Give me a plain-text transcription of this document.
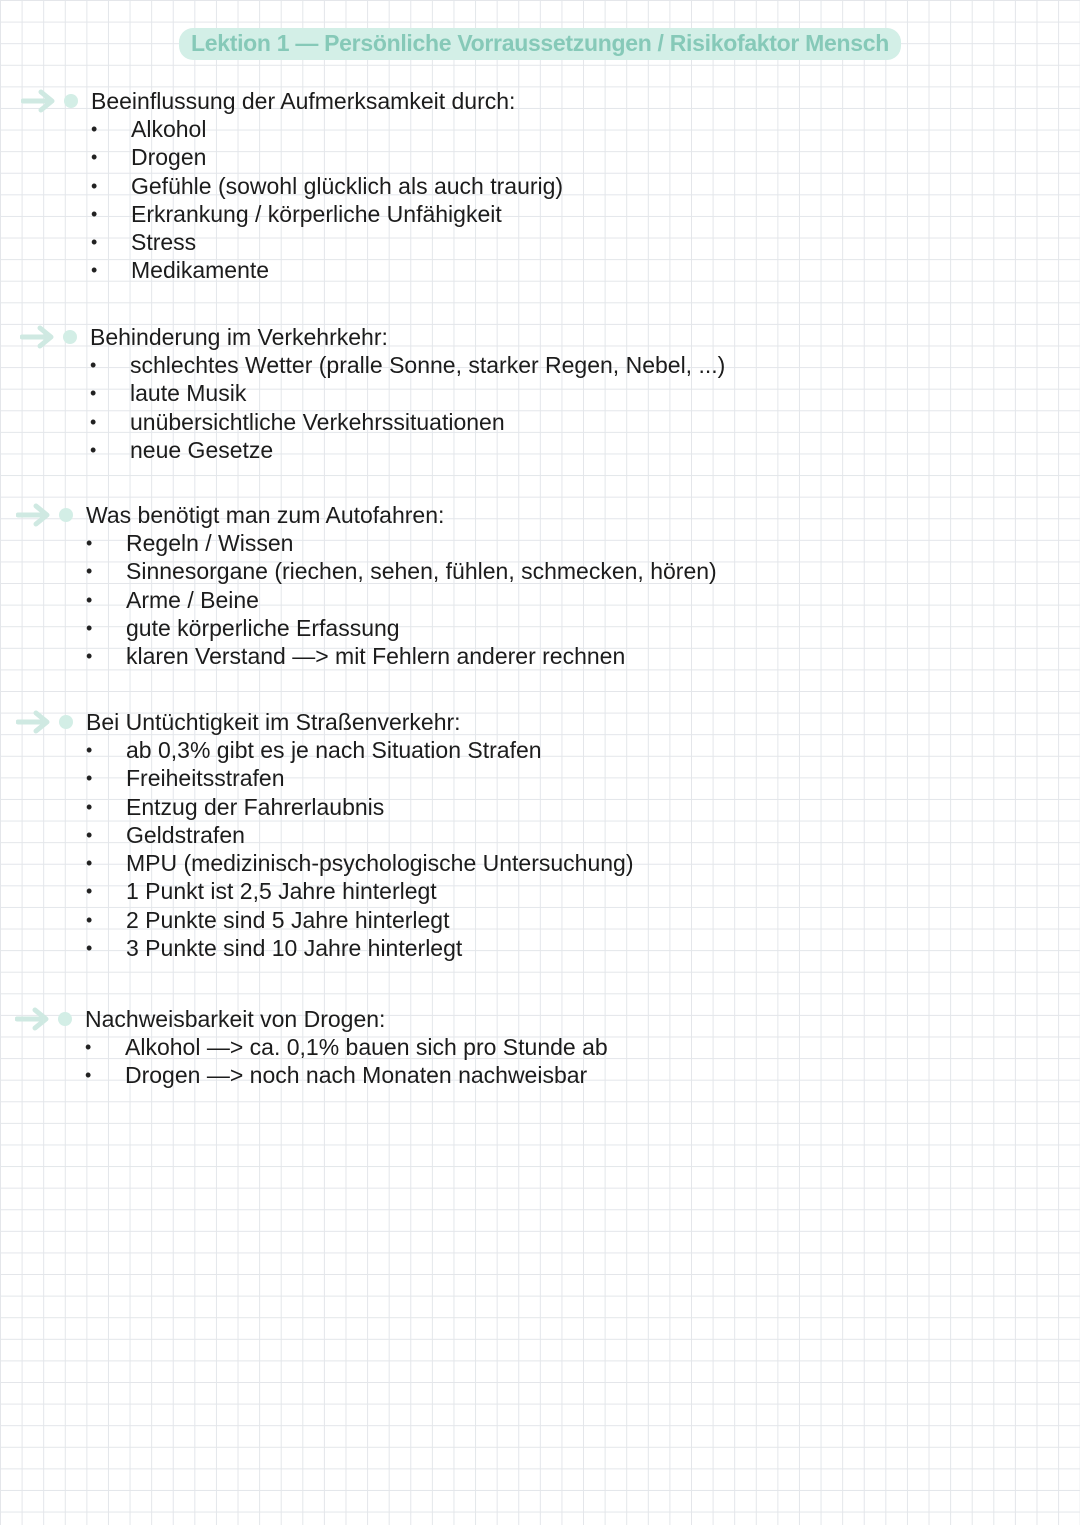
Lektion 1 — Persönliche Vorraussetzungen / Risikofaktor Mensch
Beeinflussung der Aufmerksamkeit durch:
• Alkohol
• Drogen
• Gefühle (sowohl glücklich als auch traurig)
• Erkrankung / körperliche Unfähigkeit
• Stress
• Medikamente
Behinderung im Verkehrkehr:
• schlechtes Wetter (pralle Sonne, starker Regen, Nebel, ...)
• laute Musik
• unübersichtliche Verkehrssituationen
• neue Gesetze
Was benötigt man zum Autofahren:
• Regeln / Wissen
• Sinnesorgane (riechen, sehen, fühlen, schmecken, hören)
• Arme / Beine
• gute körperliche Erfassung
• klaren Verstand —> mit Fehlern anderer rechnen
Bei Untüchtigkeit im Straßenverkehr:
• ab 0,3% gibt es je nach Situation Strafen
• Freiheitsstrafen
• Entzug der Fahrerlaubnis
• Geldstrafen
• MPU (medizinisch-psychologische Untersuchung)
• 1 Punkt ist 2,5 Jahre hinterlegt
• 2 Punkte sind 5 Jahre hinterlegt
• 3 Punkte sind 10 Jahre hinterlegt
Nachweisbarkeit von Drogen:
• Alkohol —> ca. 0,1% bauen sich pro Stunde ab
• Drogen —> noch nach Monaten nachweisbar
